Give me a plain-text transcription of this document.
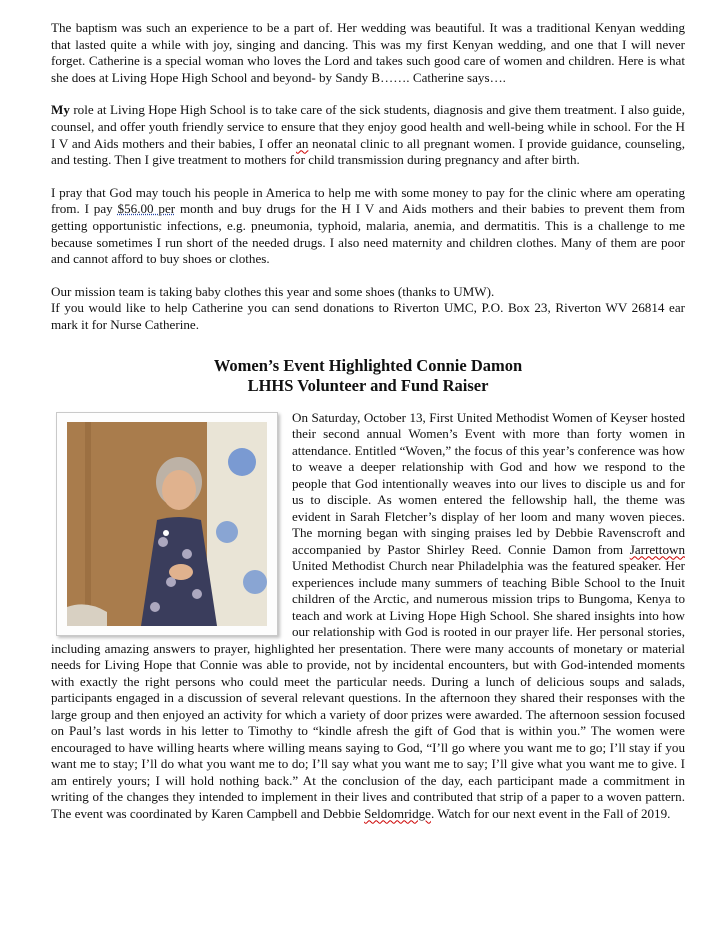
The baptism was such an experience to be a part of. Her wedding was beautiful. It was a traditional Kenyan wedding that lasted quite a while with joy, singing and dancing. This was my first Kenyan wedding, and one that I will never forget. Catherine is a special woman who loves the Lord and takes such good care of women and children. Here is what she does at Living Hope High School and beyond- by Sandy B……. Catherine says….

My role at Living Hope High School is to take care of the sick students, diagnosis and give them treatment. I also guide, counsel, and offer youth friendly service to ensure that they enjoy good health and well-being while in school. For the H I V and Aids mothers and their babies, I offer an neonatal clinic to all pregnant women. I provide guidance, counseling, and testing. Then I give treatment to mothers for child transmission during pregnancy and after birth.

I pray that God may touch his people in America to help me with some money to pay for the clinic where am operating from. I pay $56.00 per month and buy drugs for the H I V and Aids mothers and their babies to prevent them from getting opportunistic infections, e.g. pneumonia, typhoid, malaria, anemia, and dermatitis. This is a challenge to me because sometimes I run short of the needed drugs. I also need maternity and children clothes. Many of them are poor and cannot afford to buy shoes or clothes.

Our mission team is taking baby clothes this year and some shoes (thanks to UMW).

If you would like to help Catherine you can send donations to Riverton UMC, P.O. Box 23, Riverton WV 26814 ear mark it for Nurse Catherine.

Women’s Event Highlighted Connie Damon
LHHS Volunteer and Fund Raiser

On Saturday, October 13, First United Methodist Women of Keyser hosted their second annual Women’s Event with more than forty women in attendance. Entitled “Woven,” the focus of this year’s conference was how to weave a deeper relationship with God and how we respond to the people that God intentionally weaves into our lives to disciple us and for us to disciple. As women entered the fellowship hall, the theme was evident in Sarah Fletcher’s display of her loom and many woven pieces. The morning began with singing praises led by Debbie Ravenscroft and accompanied by Pastor Shirley Reed. Connie Damon from Jarrettown United Methodist Church near Philadelphia was the featured speaker. Her experiences include many summers of teaching Bible School to the Inuit children of the Arctic, and numerous mission trips to Bungoma, Kenya to teach and work at Living Hope High School. She shared insights into how our relationship with God is rooted in our prayer life. Her personal stories, including amazing answers to prayer, highlighted her presentation. There were many accounts of monetary or material needs for Living Hope that Connie was able to provide, not by incidental encounters, but with God-intended moments with exactly the right persons who could meet the particular needs. During a lunch of delicious soups and salads, participants engaged in a discussion of several relevant questions. In the afternoon they shared their responses with the large group and then enjoyed an activity for which a variety of door prizes were awarded. The afternoon session focused on Paul’s last words in his letter to Timothy to “kindle afresh the gift of God that is within you.” The women were encouraged to have willing hearts where willing means saying to God, “I’ll go where you want me to go; I’ll stay if you want me to stay; I’ll do what you want me to do; I’ll say what you want me to say; I’ll give what you want me to give. I am entirely yours; I will hold nothing back.” At the conclusion of the day, each participant made a commitment in writing of the changes they intended to implement in their lives and contributed that strip of a paper to a woven pattern. The event was coordinated by Karen Campbell and Debbie Seldomridge. Watch for our next event in the Fall of 2019.
